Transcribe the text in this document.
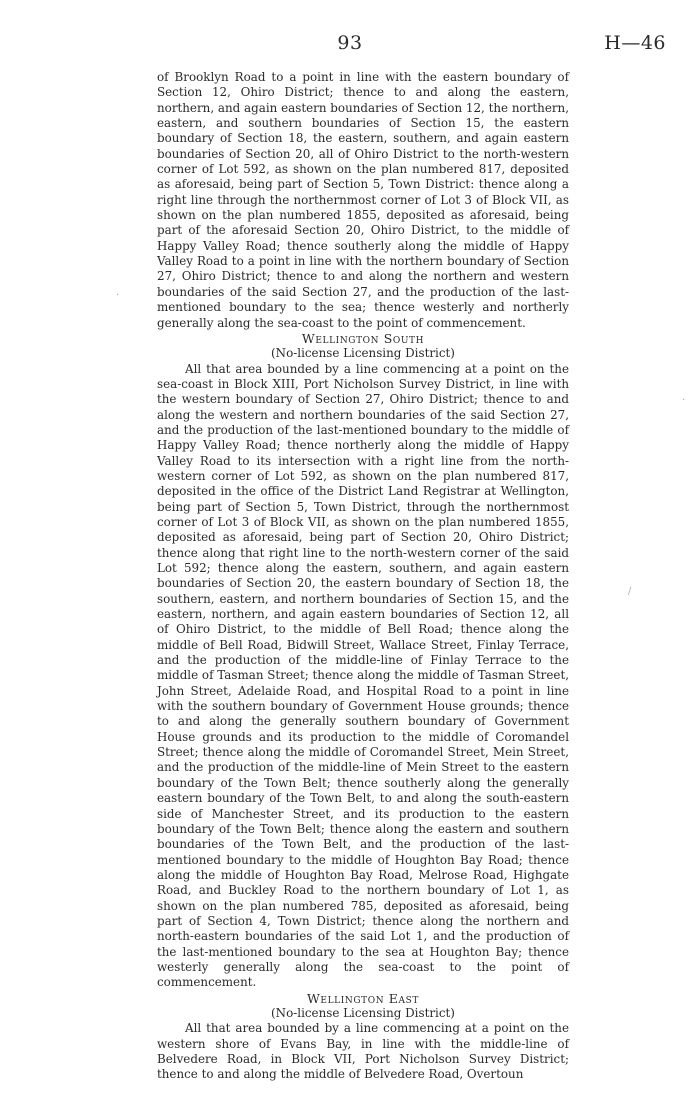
93	H—46

of Brooklyn Road to a point in line with the eastern boundary of Section 12, Ohiro District; thence to and along the eastern, northern, and again eastern boundaries of Section 12, the northern, eastern, and southern boundaries of Section 15, the eastern boundary of Section 18, the eastern, southern, and again eastern boundaries of Section 20, all of Ohiro District to the north-western corner of Lot 592, as shown on the plan numbered 817, deposited as aforesaid, being part of Section 5, Town District: thence along a right line through the northernmost corner of Lot 3 of Block VII, as shown on the plan numbered 1855, deposited as aforesaid, being part of the aforesaid Section 20, Ohiro District, to the middle of Happy Valley Road; thence southerly along the middle of Happy Valley Road to a point in line with the northern boundary of Section 27, Ohiro District; thence to and along the northern and western boundaries of the said Section 27, and the production of the last-mentioned boundary to the sea; thence westerly and northerly generally along the sea-coast to the point of commencement.

Wellington South

(No-license Licensing District)

All that area bounded by a line commencing at a point on the sea-coast in Block XIII, Port Nicholson Survey District, in line with the western boundary of Section 27, Ohiro District; thence to and along the western and northern boundaries of the said Section 27, and the production of the last-mentioned boundary to the middle of Happy Valley Road; thence northerly along the middle of Happy Valley Road to its intersection with a right line from the north-western corner of Lot 592, as shown on the plan numbered 817, deposited in the office of the District Land Registrar at Wellington, being part of Section 5, Town District, through the northernmost corner of Lot 3 of Block VII, as shown on the plan numbered 1855, deposited as aforesaid, being part of Section 20, Ohiro District; thence along that right line to the north-western corner of the said Lot 592; thence along the eastern, southern, and again eastern boundaries of Section 20, the eastern boundary of Section 18, the southern, eastern, and northern boundaries of Section 15, and the eastern, northern, and again eastern boundaries of Section 12, all of Ohiro District, to the middle of Bell Road; thence along the middle of Bell Road, Bidwill Street, Wallace Street, Finlay Terrace, and the production of the middle-line of Finlay Terrace to the middle of Tasman Street; thence along the middle of Tasman Street, John Street, Adelaide Road, and Hospital Road to a point in line with the southern boundary of Government House grounds; thence to and along the generally southern boundary of Government House grounds and its production to the middle of Coromandel Street; thence along the middle of Coromandel Street, Mein Street, and the production of the middle-line of Mein Street to the eastern boundary of the Town Belt; thence southerly along the generally eastern boundary of the Town Belt, to and along the south-eastern side of Manchester Street, and its production to the eastern boundary of the Town Belt; thence along the eastern and southern boundaries of the Town Belt, and the production of the last-mentioned boundary to the middle of Houghton Bay Road; thence along the middle of Houghton Bay Road, Melrose Road, Highgate Road, and Buckley Road to the northern boundary of Lot 1, as shown on the plan numbered 785, deposited as aforesaid, being part of Section 4, Town District; thence along the northern and north-eastern boundaries of the said Lot 1, and the production of the last-mentioned boundary to the sea at Houghton Bay; thence westerly generally along the sea-coast to the point of commencement.

Wellington East

(No-license Licensing District)

All that area bounded by a line commencing at a point on the western shore of Evans Bay, in line with the middle-line of Belvedere Road, in Block VII, Port Nicholson Survey District; thence to and along the middle of Belvedere Road, Overtoun

·
·
/
